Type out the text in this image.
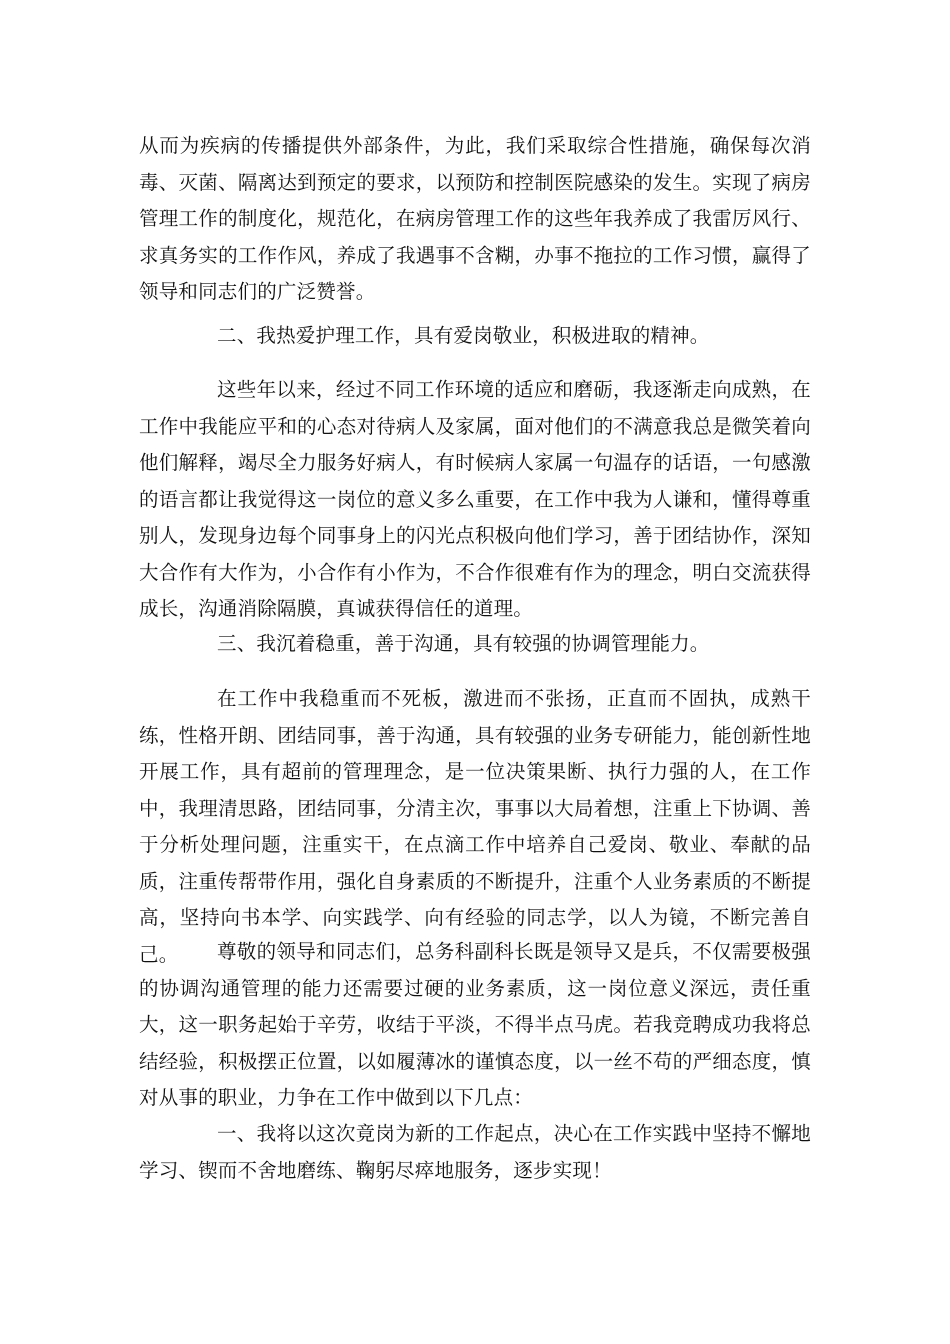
从而为疾病的传播提供外部条件，为此，我们采取综合性措施，确保每次消毒、灭菌、隔离达到预定的要求，以预防和控制医院感染的发生。实现了病房管理工作的制度化，规范化，在病房管理工作的这些年我养成了我雷厉风行、求真务实的工作作风，养成了我遇事不含糊，办事不拖拉的工作习惯，赢得了领导和同志们的广泛赞誉。

二、我热爱护理工作，具有爱岗敬业，积极进取的精神。

这些年以来，经过不同工作环境的适应和磨砺，我逐渐走向成熟，在工作中我能应平和的心态对待病人及家属，面对他们的不满意我总是微笑着向他们解释，竭尽全力服务好病人，有时候病人家属一句温存的话语，一句感激的语言都让我觉得这一岗位的意义多么重要，在工作中我为人谦和，懂得尊重别人，发现身边每个同事身上的闪光点积极向他们学习，善于团结协作，深知大合作有大作为，小合作有小作为，不合作很难有作为的理念，明白交流获得成长，沟通消除隔膜，真诚获得信任的道理。

三、我沉着稳重，善于沟通，具有较强的协调管理能力。

在工作中我稳重而不死板，激进而不张扬，正直而不固执，成熟干练，性格开朗、团结同事，善于沟通，具有较强的业务专研能力，能创新性地开展工作，具有超前的管理理念，是一位决策果断、执行力强的人，在工作中，我理清思路，团结同事，分清主次，事事以大局着想，注重上下协调、善于分析处理问题，注重实干，在点滴工作中培养自己爱岗、敬业、奉献的品质，注重传帮带作用，强化自身素质的不断提升，注重个人业务素质的不断提高，坚持向书本学、向实践学、向有经验的同志学，以人为镜，不断完善自己。	尊敬的领导和同志们，总务科副科长既是领导又是兵，不仅需要极强的协调沟通管理的能力还需要过硬的业务素质，这一岗位意义深远，责任重大，这一职务起始于辛劳，收结于平淡，不得半点马虎。若我竞聘成功我将总结经验，积极摆正位置，以如履薄冰的谨慎态度，以一丝不苟的严细态度，慎对从事的职业，力争在工作中做到以下几点：

一、我将以这次竟岗为新的工作起点，决心在工作实践中坚持不懈地学习、锲而不舍地磨练、鞠躬尽瘁地服务，逐步实现！
